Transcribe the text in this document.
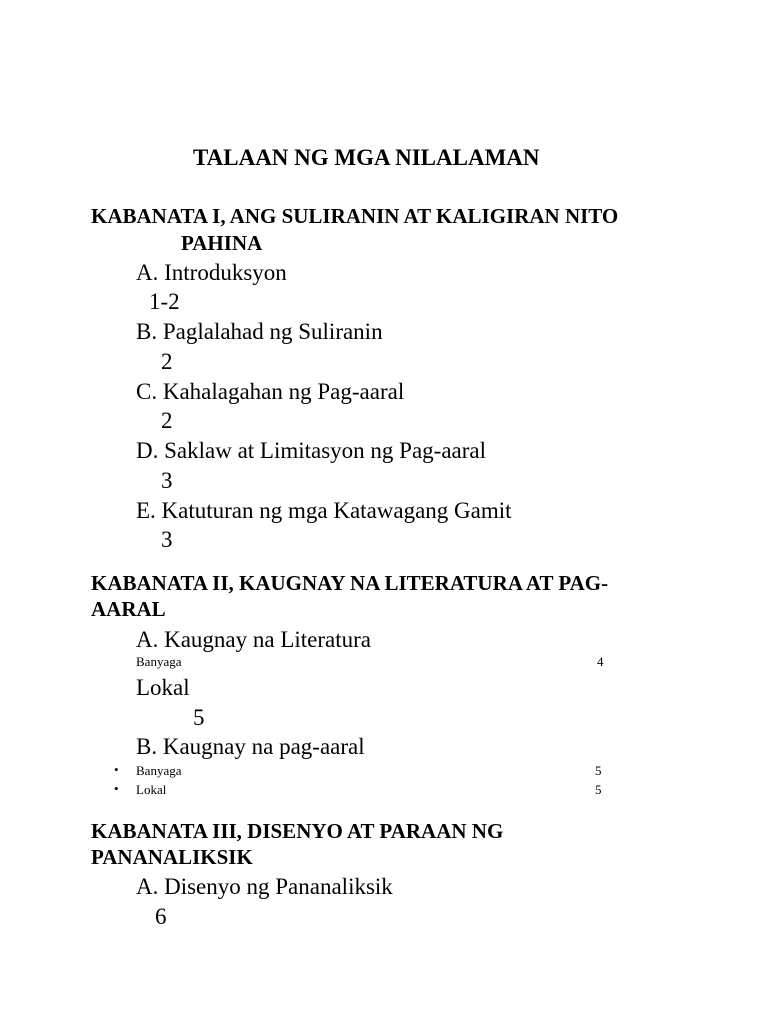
TALAAN NG MGA NILALAMAN
KABANATA I, ANG SULIRANIN AT KALIGIRAN NITO
PAHINA
A. Introduksyon
1-2
B. Paglalahad ng Suliranin
2
C. Kahalagahan ng Pag-aaral
2
D. Saklaw at Limitasyon ng Pag-aaral
3
E. Katuturan ng mga Katawagang Gamit
3
KABANATA II, KAUGNAY NA LITERATURA AT PAG-
AARAL
A. Kaugnay na Literatura
Banyaga	4
Lokal
5
B. Kaugnay na pag-aaral
• Banyaga	5
• Lokal	5
KABANATA III, DISENYO AT PARAAN NG
PANANALIKSIK
A. Disenyo ng Pananaliksik
6
